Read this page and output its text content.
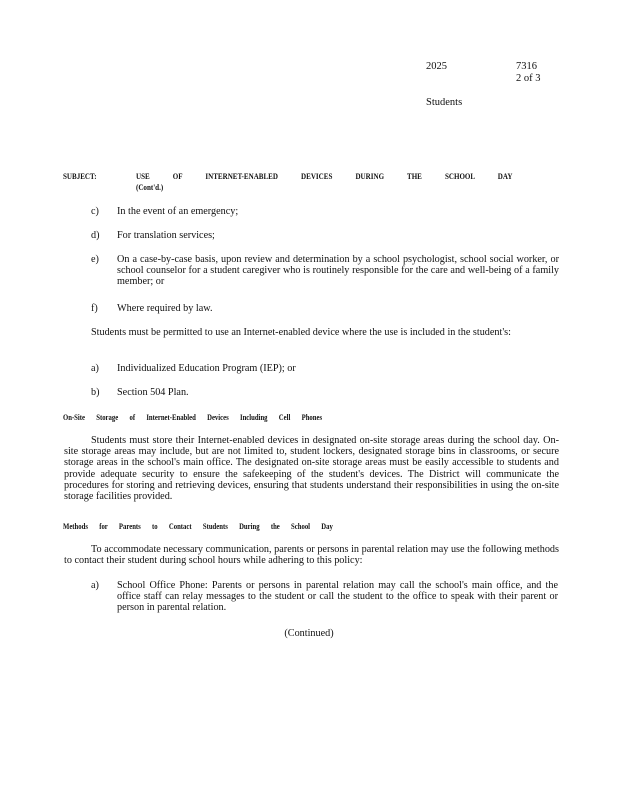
2025	7316
2 of 3
Students
SUBJECT:	USE OF INTERNET-ENABLED DEVICES DURING THE SCHOOL DAY
(Cont'd.)
c)	In the event of an emergency;
d)	For translation services;
e)	On a case-by-case basis, upon review and determination by a school psychologist, school social worker, or school counselor for a student caregiver who is routinely responsible for the care and well-being of a family member; or
f)	Where required by law.
Students must be permitted to use an Internet-enabled device where the use is included in the student's:
a)	Individualized Education Program (IEP); or
b)	Section 504 Plan.
On-Site Storage of Internet-Enabled Devices Including Cell Phones
Students must store their Internet-enabled devices in designated on-site storage areas during the school day. On-site storage areas may include, but are not limited to, student lockers, designated storage bins in classrooms, or secure storage areas in the school's main office. The designated on-site storage areas must be easily accessible to students and provide adequate security to ensure the safekeeping of the student's devices. The District will communicate the procedures for storing and retrieving devices, ensuring that students understand their responsibilities in using the on-site storage facilities provided.
Methods for Parents to Contact Students During the School Day
To accommodate necessary communication, parents or persons in parental relation may use the following methods to contact their student during school hours while adhering to this policy:
a)	School Office Phone: Parents or persons in parental relation may call the school's main office, and the office staff can relay messages to the student or call the student to the office to speak with their parent or person in parental relation.
(Continued)
